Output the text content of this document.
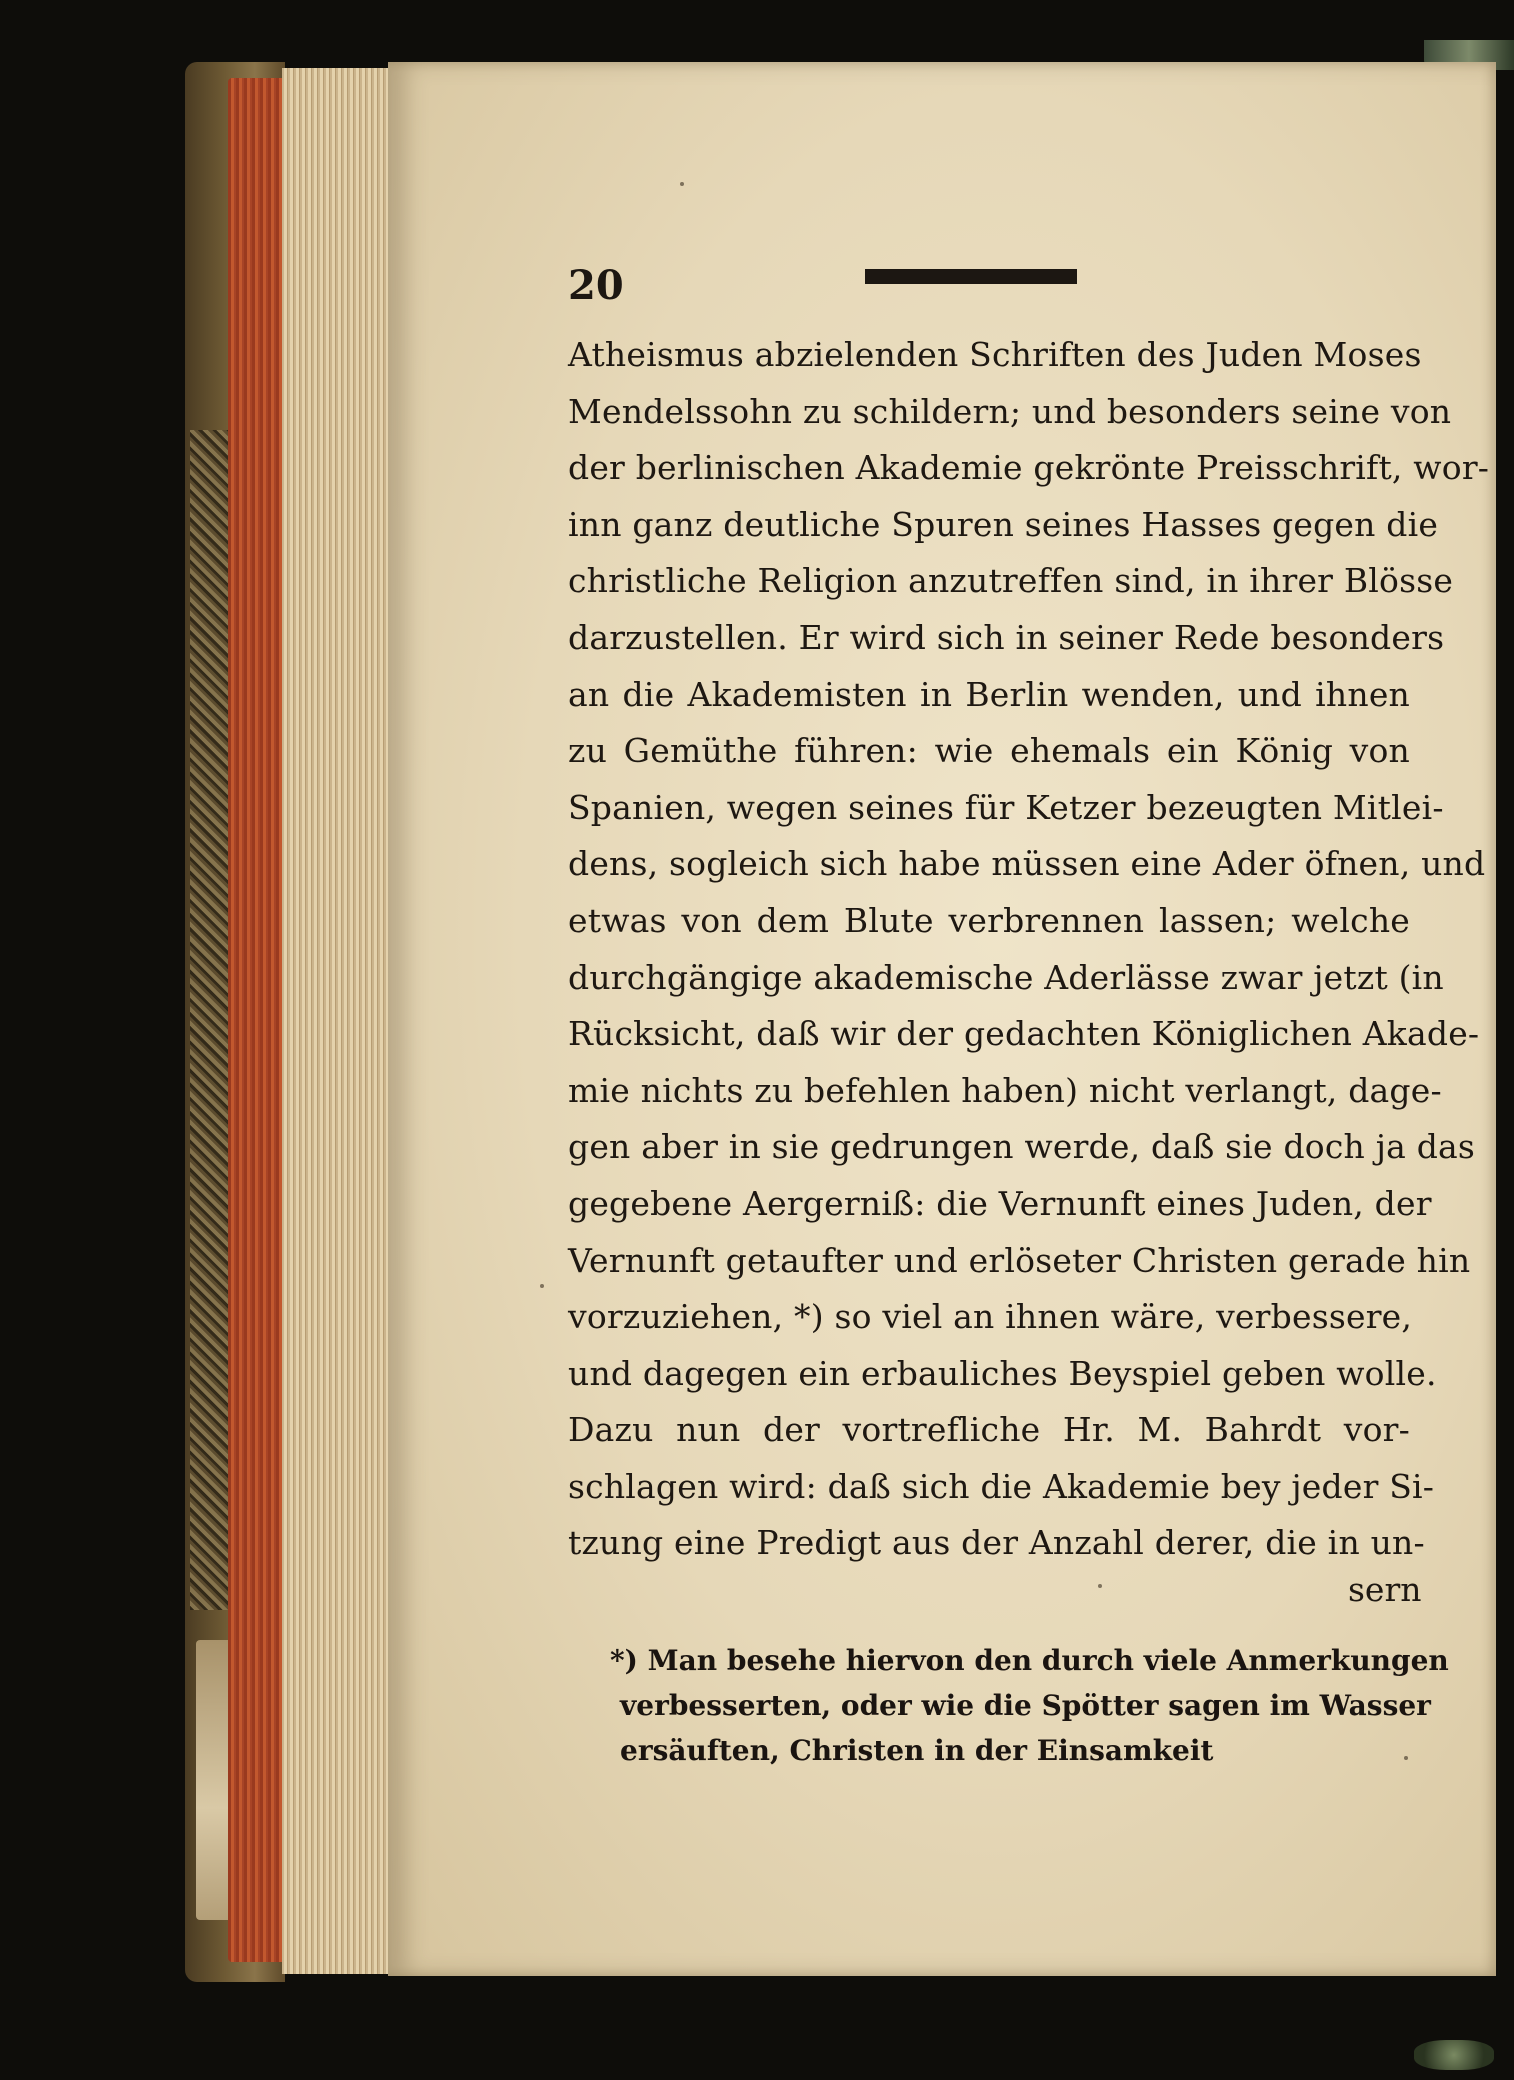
20
Atheismus abzielenden Schriften des Juden Moses
Mendelssohn zu schildern; und besonders seine von
der berlinischen Akademie gekrönte Preisschrift, wor-
inn ganz deutliche Spuren seines Hasses gegen die
christliche Religion anzutreffen sind, in ihrer Blösse
darzustellen. Er wird sich in seiner Rede besonders
an die Akademisten in Berlin wenden, und ihnen
zu Gemüthe führen: wie ehemals ein König von
Spanien, wegen seines für Ketzer bezeugten Mitlei-
dens, sogleich sich habe müssen eine Ader öfnen, und
etwas von dem Blute verbrennen lassen; welche
durchgängige akademische Aderlässe zwar jetzt (in
Rücksicht, daß wir der gedachten Königlichen Akade-
mie nichts zu befehlen haben) nicht verlangt, dage-
gen aber in sie gedrungen werde, daß sie doch ja das
gegebene Aergerniß: die Vernunft eines Juden, der
Vernunft getaufter und erlöseter Christen gerade hin
vorzuziehen, *) so viel an ihnen wäre, verbessere,
und dagegen ein erbauliches Beyspiel geben wolle.
Dazu nun der vortrefliche Hr. M. Bahrdt vor-
schlagen wird: daß sich die Akademie bey jeder Si-
tzung eine Predigt aus der Anzahl derer, die in un-
sern
*) Man besehe hiervon den durch viele Anmerkungen
verbesserten, oder wie die Spötter sagen im Wasser
ersäuften, Christen in der Einsamkeit
